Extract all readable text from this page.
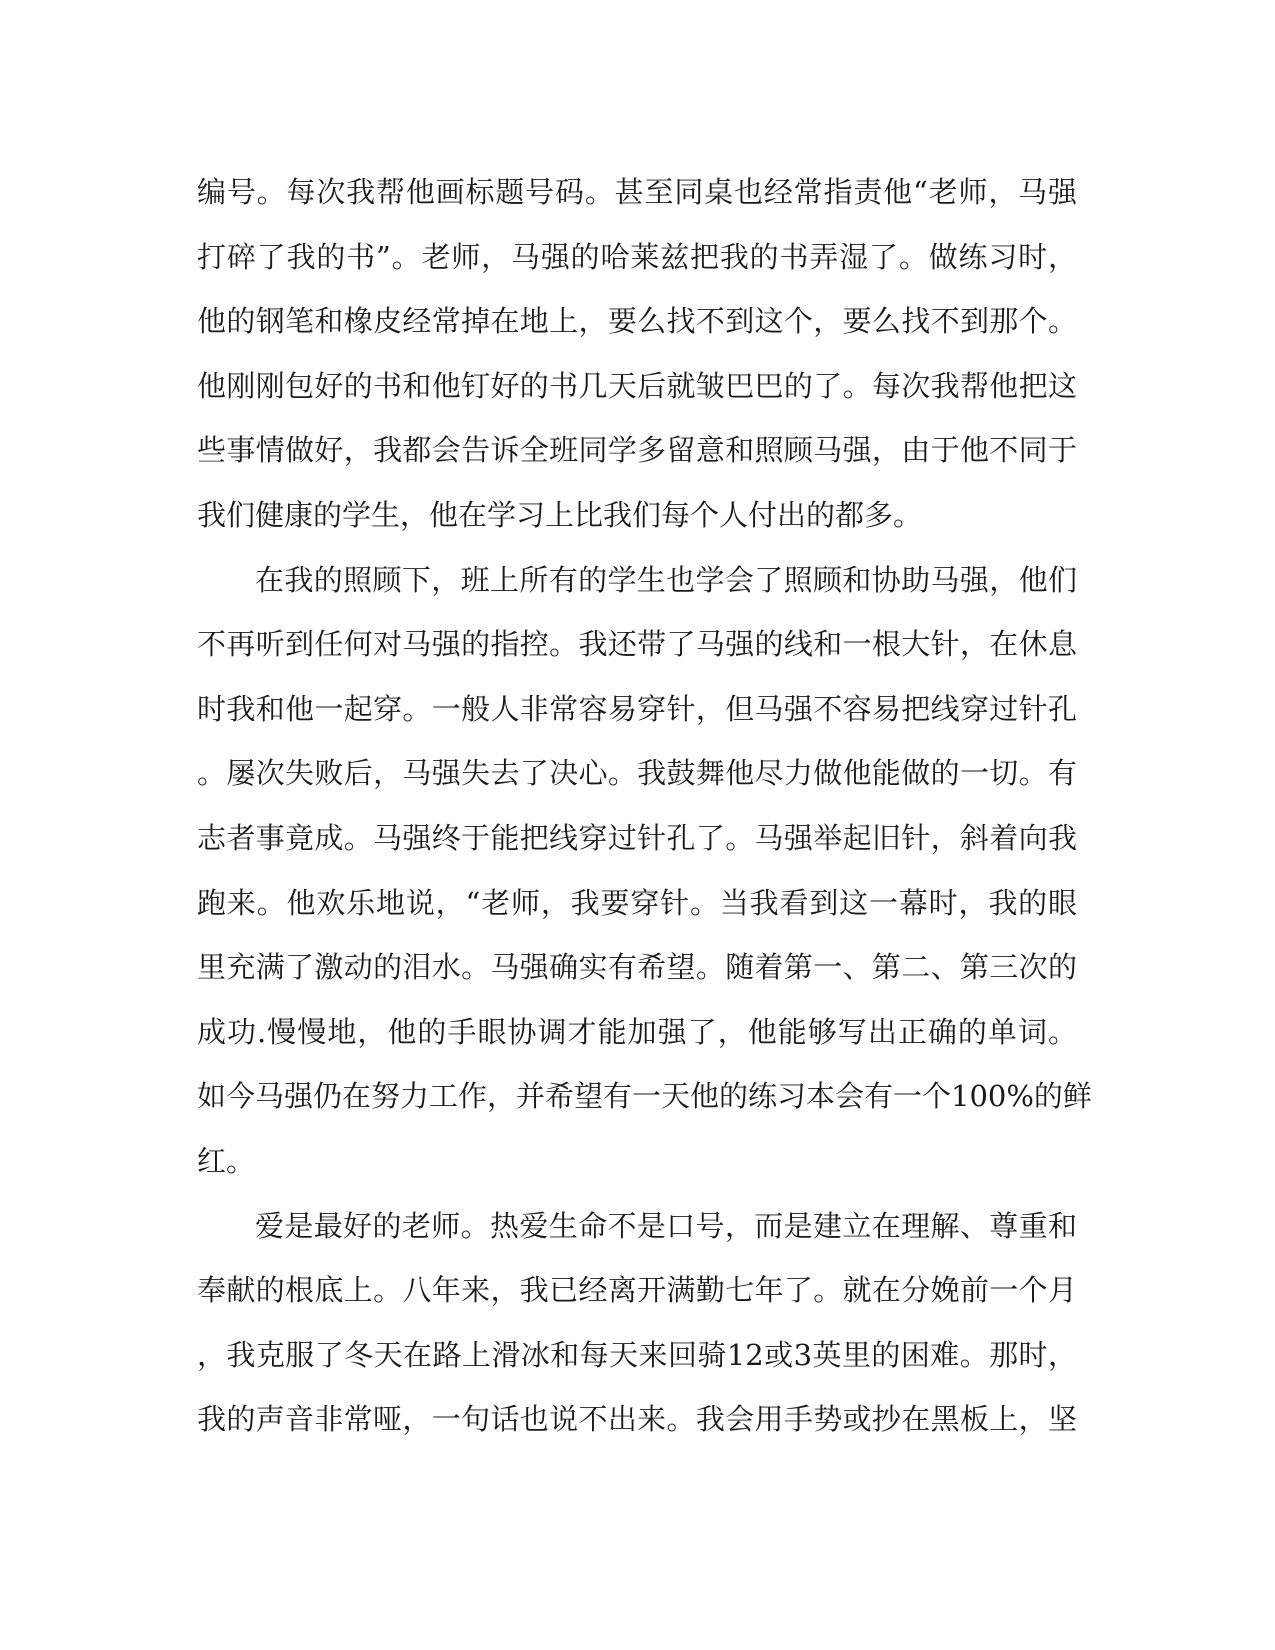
编号。每次我帮他画标题号码。甚至同桌也经常指责他“老师，马强
打碎了我的书”。老师，马强的哈莱兹把我的书弄湿了。做练习时，
他的钢笔和橡皮经常掉在地上，要么找不到这个，要么找不到那个。
他刚刚包好的书和他钉好的书几天后就皱巴巴的了。每次我帮他把这
些事情做好，我都会告诉全班同学多留意和照顾马强，由于他不同于
我们健康的学生，他在学习上比我们每个人付出的都多。
在我的照顾下，班上所有的学生也学会了照顾和协助马强，他们
不再听到任何对马强的指控。我还带了马强的线和一根大针，在休息
时我和他一起穿。一般人非常容易穿针，但马强不容易把线穿过针孔
。屡次失败后，马强失去了决心。我鼓舞他尽力做他能做的一切。有
志者事竟成。马强终于能把线穿过针孔了。马强举起旧针，斜着向我
跑来。他欢乐地说，“老师，我要穿针。当我看到这一幕时，我的眼
里充满了激动的泪水。马强确实有希望。随着第一、第二、第三次的
成功.慢慢地，他的手眼协调才能加强了，他能够写出正确的单词。
如今马强仍在努力工作，并希望有一天他的练习本会有一个100%的鲜
红。
爱是最好的老师。热爱生命不是口号，而是建立在理解、尊重和
奉献的根底上。八年来，我已经离开满勤七年了。就在分娩前一个月
，我克服了冬天在路上滑冰和每天来回骑12或3英里的困难。那时，
我的声音非常哑，一句话也说不出来。我会用手势或抄在黑板上，坚
